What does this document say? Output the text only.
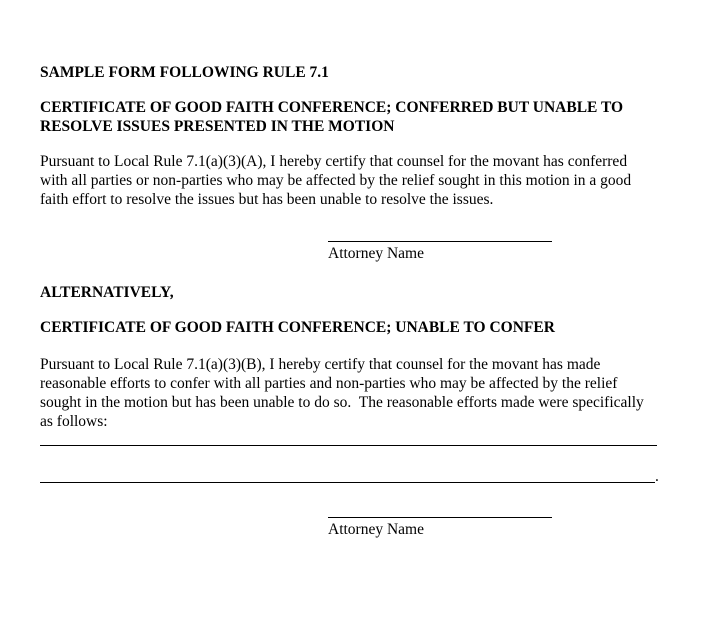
SAMPLE FORM FOLLOWING RULE 7.1
CERTIFICATE OF GOOD FAITH CONFERENCE; CONFERRED BUT UNABLE TO
RESOLVE ISSUES PRESENTED IN THE MOTION
Pursuant to Local Rule 7.1(a)(3)(A), I hereby certify that counsel for the movant has conferred
with all parties or non-parties who may be affected by the relief sought in this motion in a good
faith effort to resolve the issues but has been unable to resolve the issues.
Attorney Name
ALTERNATIVELY,
CERTIFICATE OF GOOD FAITH CONFERENCE; UNABLE TO CONFER
Pursuant to Local Rule 7.1(a)(3)(B), I hereby certify that counsel for the movant has made
reasonable efforts to confer with all parties and non-parties who may be affected by the relief
sought in the motion but has been unable to do so.  The reasonable efforts made were specifically
as follows:
.
Attorney Name
